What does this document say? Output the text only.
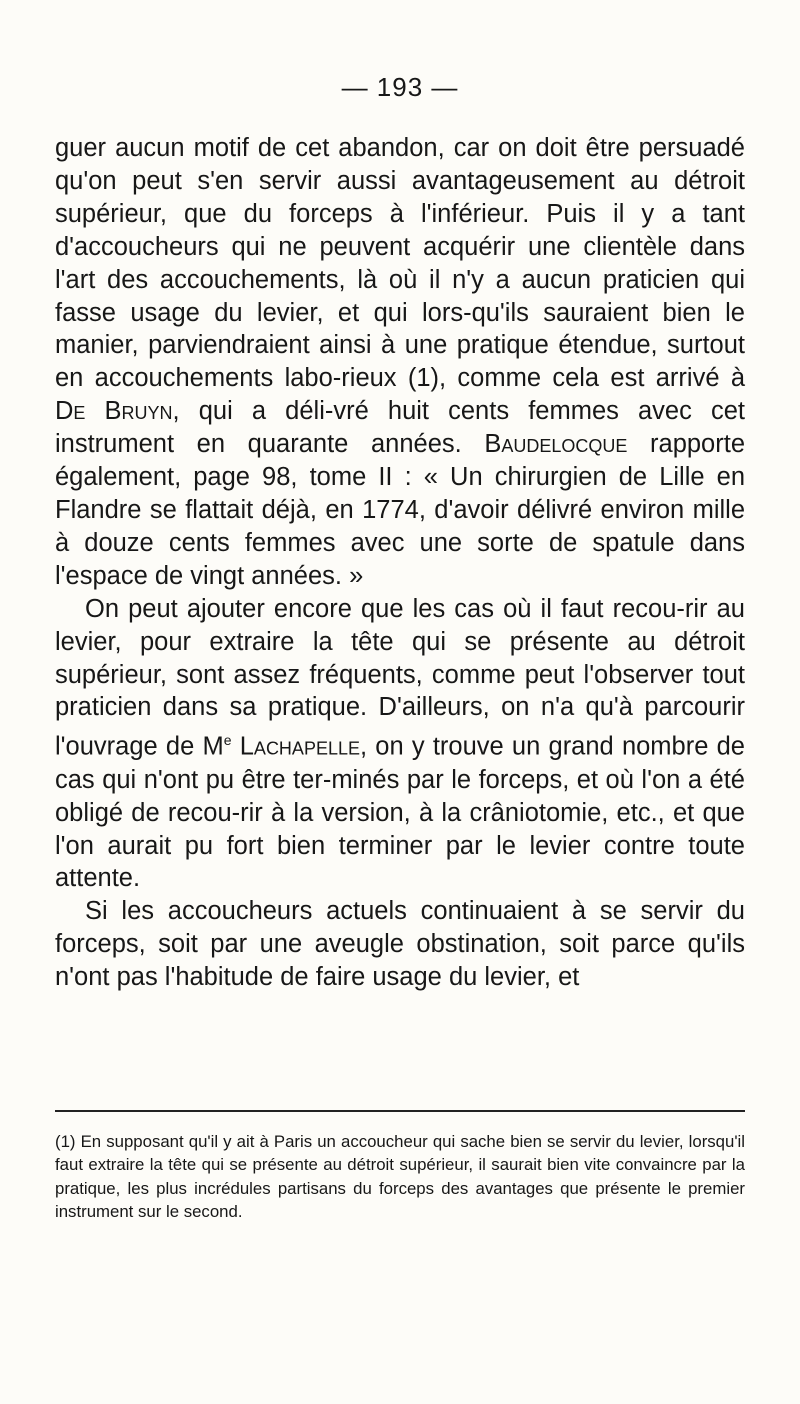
— 193 —

guer aucun motif de cet abandon, car on doit être persuadé qu'on peut s'en servir aussi avantageusement au détroit supérieur, que du forceps à l'inférieur. Puis il y a tant d'accoucheurs qui ne peuvent acquérir une clientèle dans l'art des accouchements, là où il n'y a aucun praticien qui fasse usage du levier, et qui lors-qu'ils sauraient bien le manier, parviendraient ainsi à une pratique étendue, surtout en accouchements labo-rieux (1), comme cela est arrivé à De Bruyn, qui a déli-vré huit cents femmes avec cet instrument en quarante années. Baudelocque rapporte également, page 98, tome II : « Un chirurgien de Lille en Flandre se flattait déjà, en 1774, d'avoir délivré environ mille à douze cents femmes avec une sorte de spatule dans l'espace de vingt années. »

On peut ajouter encore que les cas où il faut recou-rir au levier, pour extraire la tête qui se présente au détroit supérieur, sont assez fréquents, comme peut l'observer tout praticien dans sa pratique. D'ailleurs, on n'a qu'à parcourir l'ouvrage de Me Lachapelle, on y trouve un grand nombre de cas qui n'ont pu être ter-minés par le forceps, et où l'on a été obligé de recou-rir à la version, à la crâniotomie, etc., et que l'on aurait pu fort bien terminer par le levier contre toute attente.

Si les accoucheurs actuels continuaient à se servir du forceps, soit par une aveugle obstination, soit parce qu'ils n'ont pas l'habitude de faire usage du levier, et

(1) En supposant qu'il y ait à Paris un accoucheur qui sache bien se servir du levier, lorsqu'il faut extraire la tête qui se présente au détroit supérieur, il saurait bien vite convaincre par la pratique, les plus incrédules partisans du forceps des avantages que présente le premier instrument sur le second.
